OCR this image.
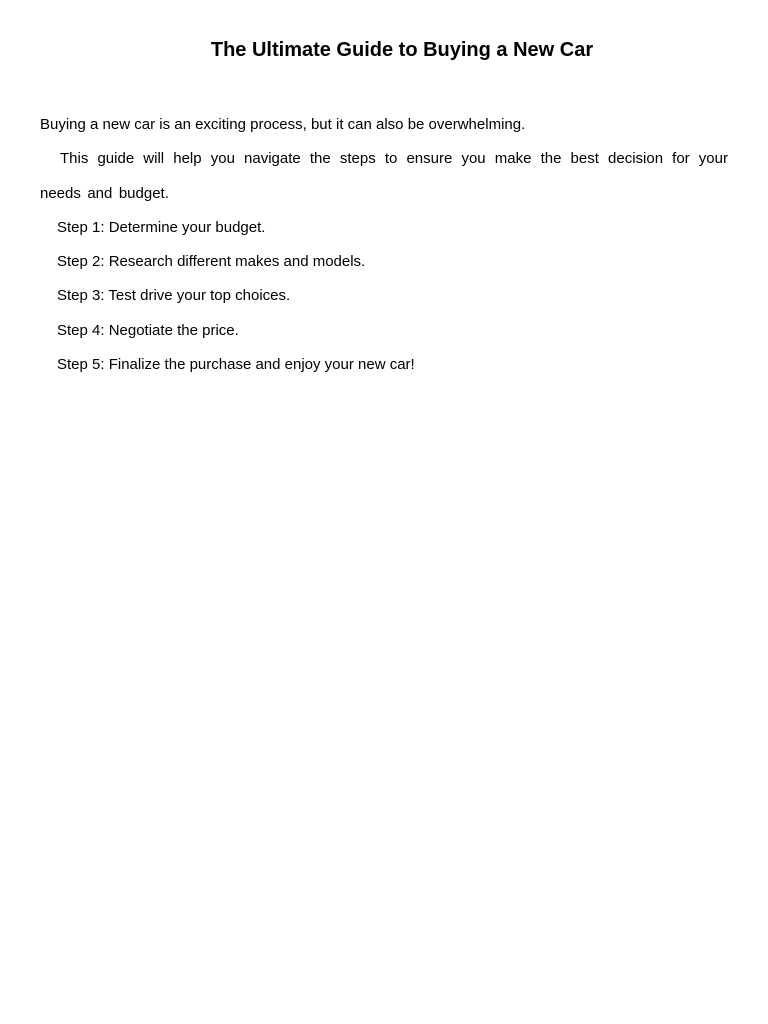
The Ultimate Guide to Buying a New Car

Buying a new car is an exciting process, but it can also be overwhelming.

This guide will help you navigate the steps to ensure you make the best decision for your needs and budget.

Step 1: Determine your budget.

Step 2: Research different makes and models.

Step 3: Test drive your top choices.

Step 4: Negotiate the price.

Step 5: Finalize the purchase and enjoy your new car!
